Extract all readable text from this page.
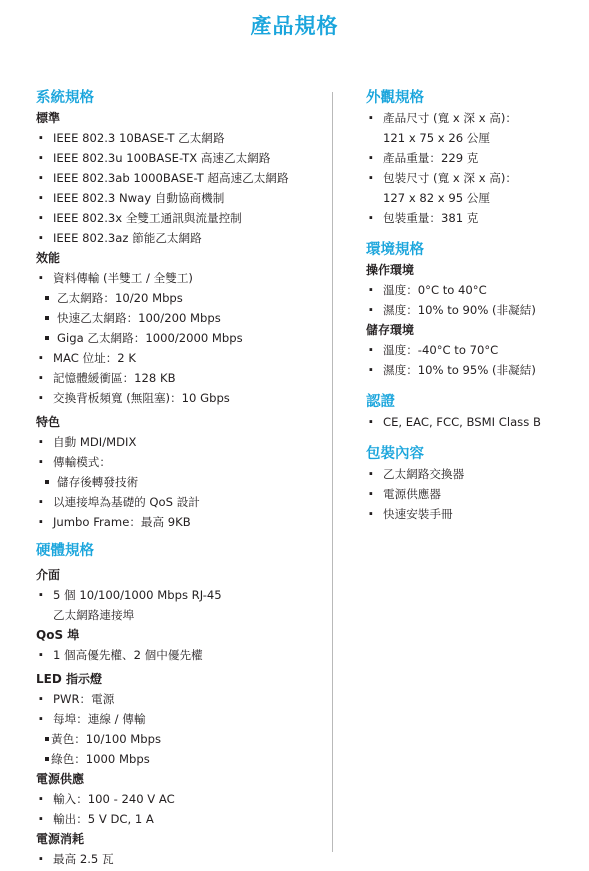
產品規格
系統規格
標準
· IEEE 802.3 10BASE-T 乙太網路
· IEEE 802.3u 100BASE-TX 高速乙太網路
· IEEE 802.3ab 1000BASE-T 超高速乙太網路
· IEEE 802.3 Nway 自動協商機制
· IEEE 802.3x 全雙工通訊與流量控制
· IEEE 802.3az 節能乙太網路
效能
· 資料傳輸 (半雙工 / 全雙工)
乙太網路：10/20 Mbps
快速乙太網路：100/200 Mbps
Giga 乙太網路：1000/2000 Mbps
· MAC 位址：2 K
· 記憶體緩衝區：128 KB
· 交換背板頻寬 (無阻塞)：10 Gbps
特色
· 自動 MDI/MDIX
· 傳輸模式：
儲存後轉發技術
· 以連接埠為基礎的 QoS 設計
· Jumbo Frame：最高 9KB
硬體規格
介面
· 5 個 10/100/1000 Mbps RJ-45
乙太網路連接埠
QoS 埠
· 1 個高優先權、2 個中優先權
LED 指示燈
· PWR：電源
· 每埠：連線 / 傳輸
黃色：10/100 Mbps
綠色：1000 Mbps
電源供應
· 輸入：100 - 240 V AC
· 輸出：5 V DC, 1 A
電源消耗
· 最高 2.5 瓦
外觀規格
· 產品尺寸 (寬 x 深 x 高)：
121 x 75 x 26 公厘
· 產品重量：229 克
· 包裝尺寸 (寬 x 深 x 高)：
127 x 82 x 95 公厘
· 包裝重量：381 克
環境規格
操作環境
· 溫度：0°C to 40°C
· 濕度：10% to 90% (非凝結)
儲存環境
· 溫度：-40°C to 70°C
· 濕度：10% to 95% (非凝結)
認證
· CE, EAC, FCC, BSMI Class B
包裝內容
· 乙太網路交換器
· 電源供應器
· 快速安裝手冊
